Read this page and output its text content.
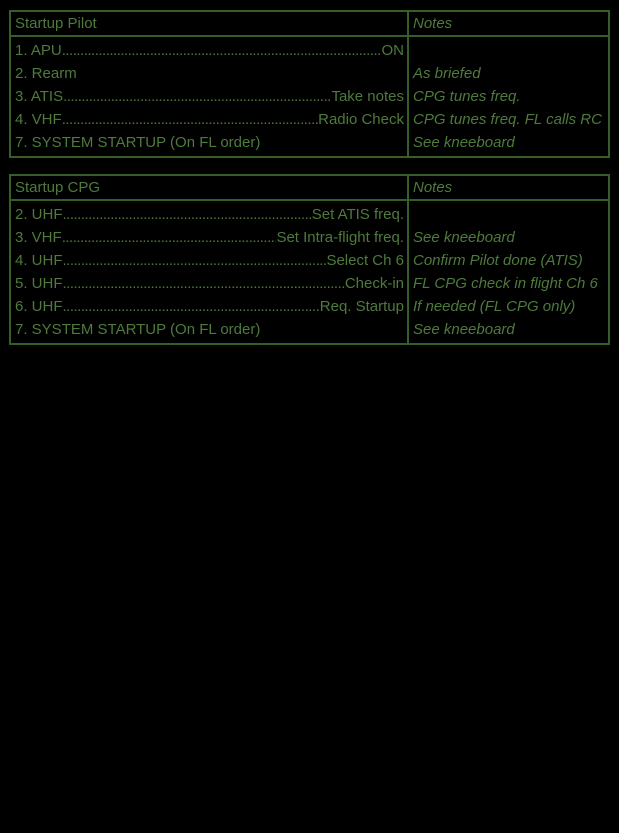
Startup Pilot	Notes

1. APU ..... ON

2. Rearm	As briefed

3. ATIS ..... Take notes	CPG tunes freq.

4. VHF ..... Radio Check	CPG tunes freq. FL calls RC
7. SYSTEM STARTUP (On FL order)	See kneeboard
Startup CPG	Notes

2. UHF ..... Set ATIS freq.

3. VHF ..... Set Intra-flight freq.	See kneeboard

4. UHF ..... Select Ch 6	Confirm Pilot done (ATIS)

5. UHF ..... Check-in	FL CPG check in flight Ch 6

6. UHF ..... Req. Startup	If needed (FL CPG only)
7. SYSTEM STARTUP (On FL order)	See kneeboard
